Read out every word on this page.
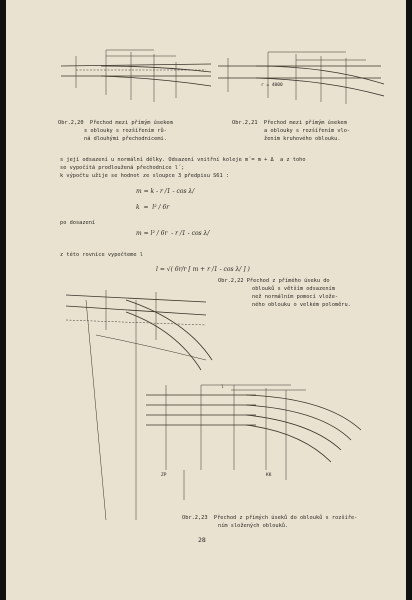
Obr.2,20  Přechod mezi přímým úsekem
s oblouky s rozšířením rů-
ná dlouhými přechodnicemi.
Obr.2,21  Přechod mezi přímým úsekem
a oblouky s rozšířením vlo-
žením kruhového oblouku.
s její odsazení u normální délky. Odsazení vnitřní koleje m´= m + Δ  a z toho
se vypočítá prodloužená přechodnice l´;
k výpočtu užije se hodnot ze sloupce 3 předpisu S61 :
m = k - r /1 - cos λ/
k  =  l² / 6r
po dosazení
m = l² / 6r  - r /1 - cos λ/
z této rovnice vypočteme l
l = √( 6r/r [ m + r /1 - cos λ/ ] )
Obr.2,22 Přechod z přímého úseku do
oblouků s větším odsazením
než normálním pomocí vlože-
ného oblouku o velkém poloměru.
r = 4000
l
ZP	KK
Obr.2,23  Přechod z přímých úseků do oblouků s rozšíře-
ním složených oblouků.
28
